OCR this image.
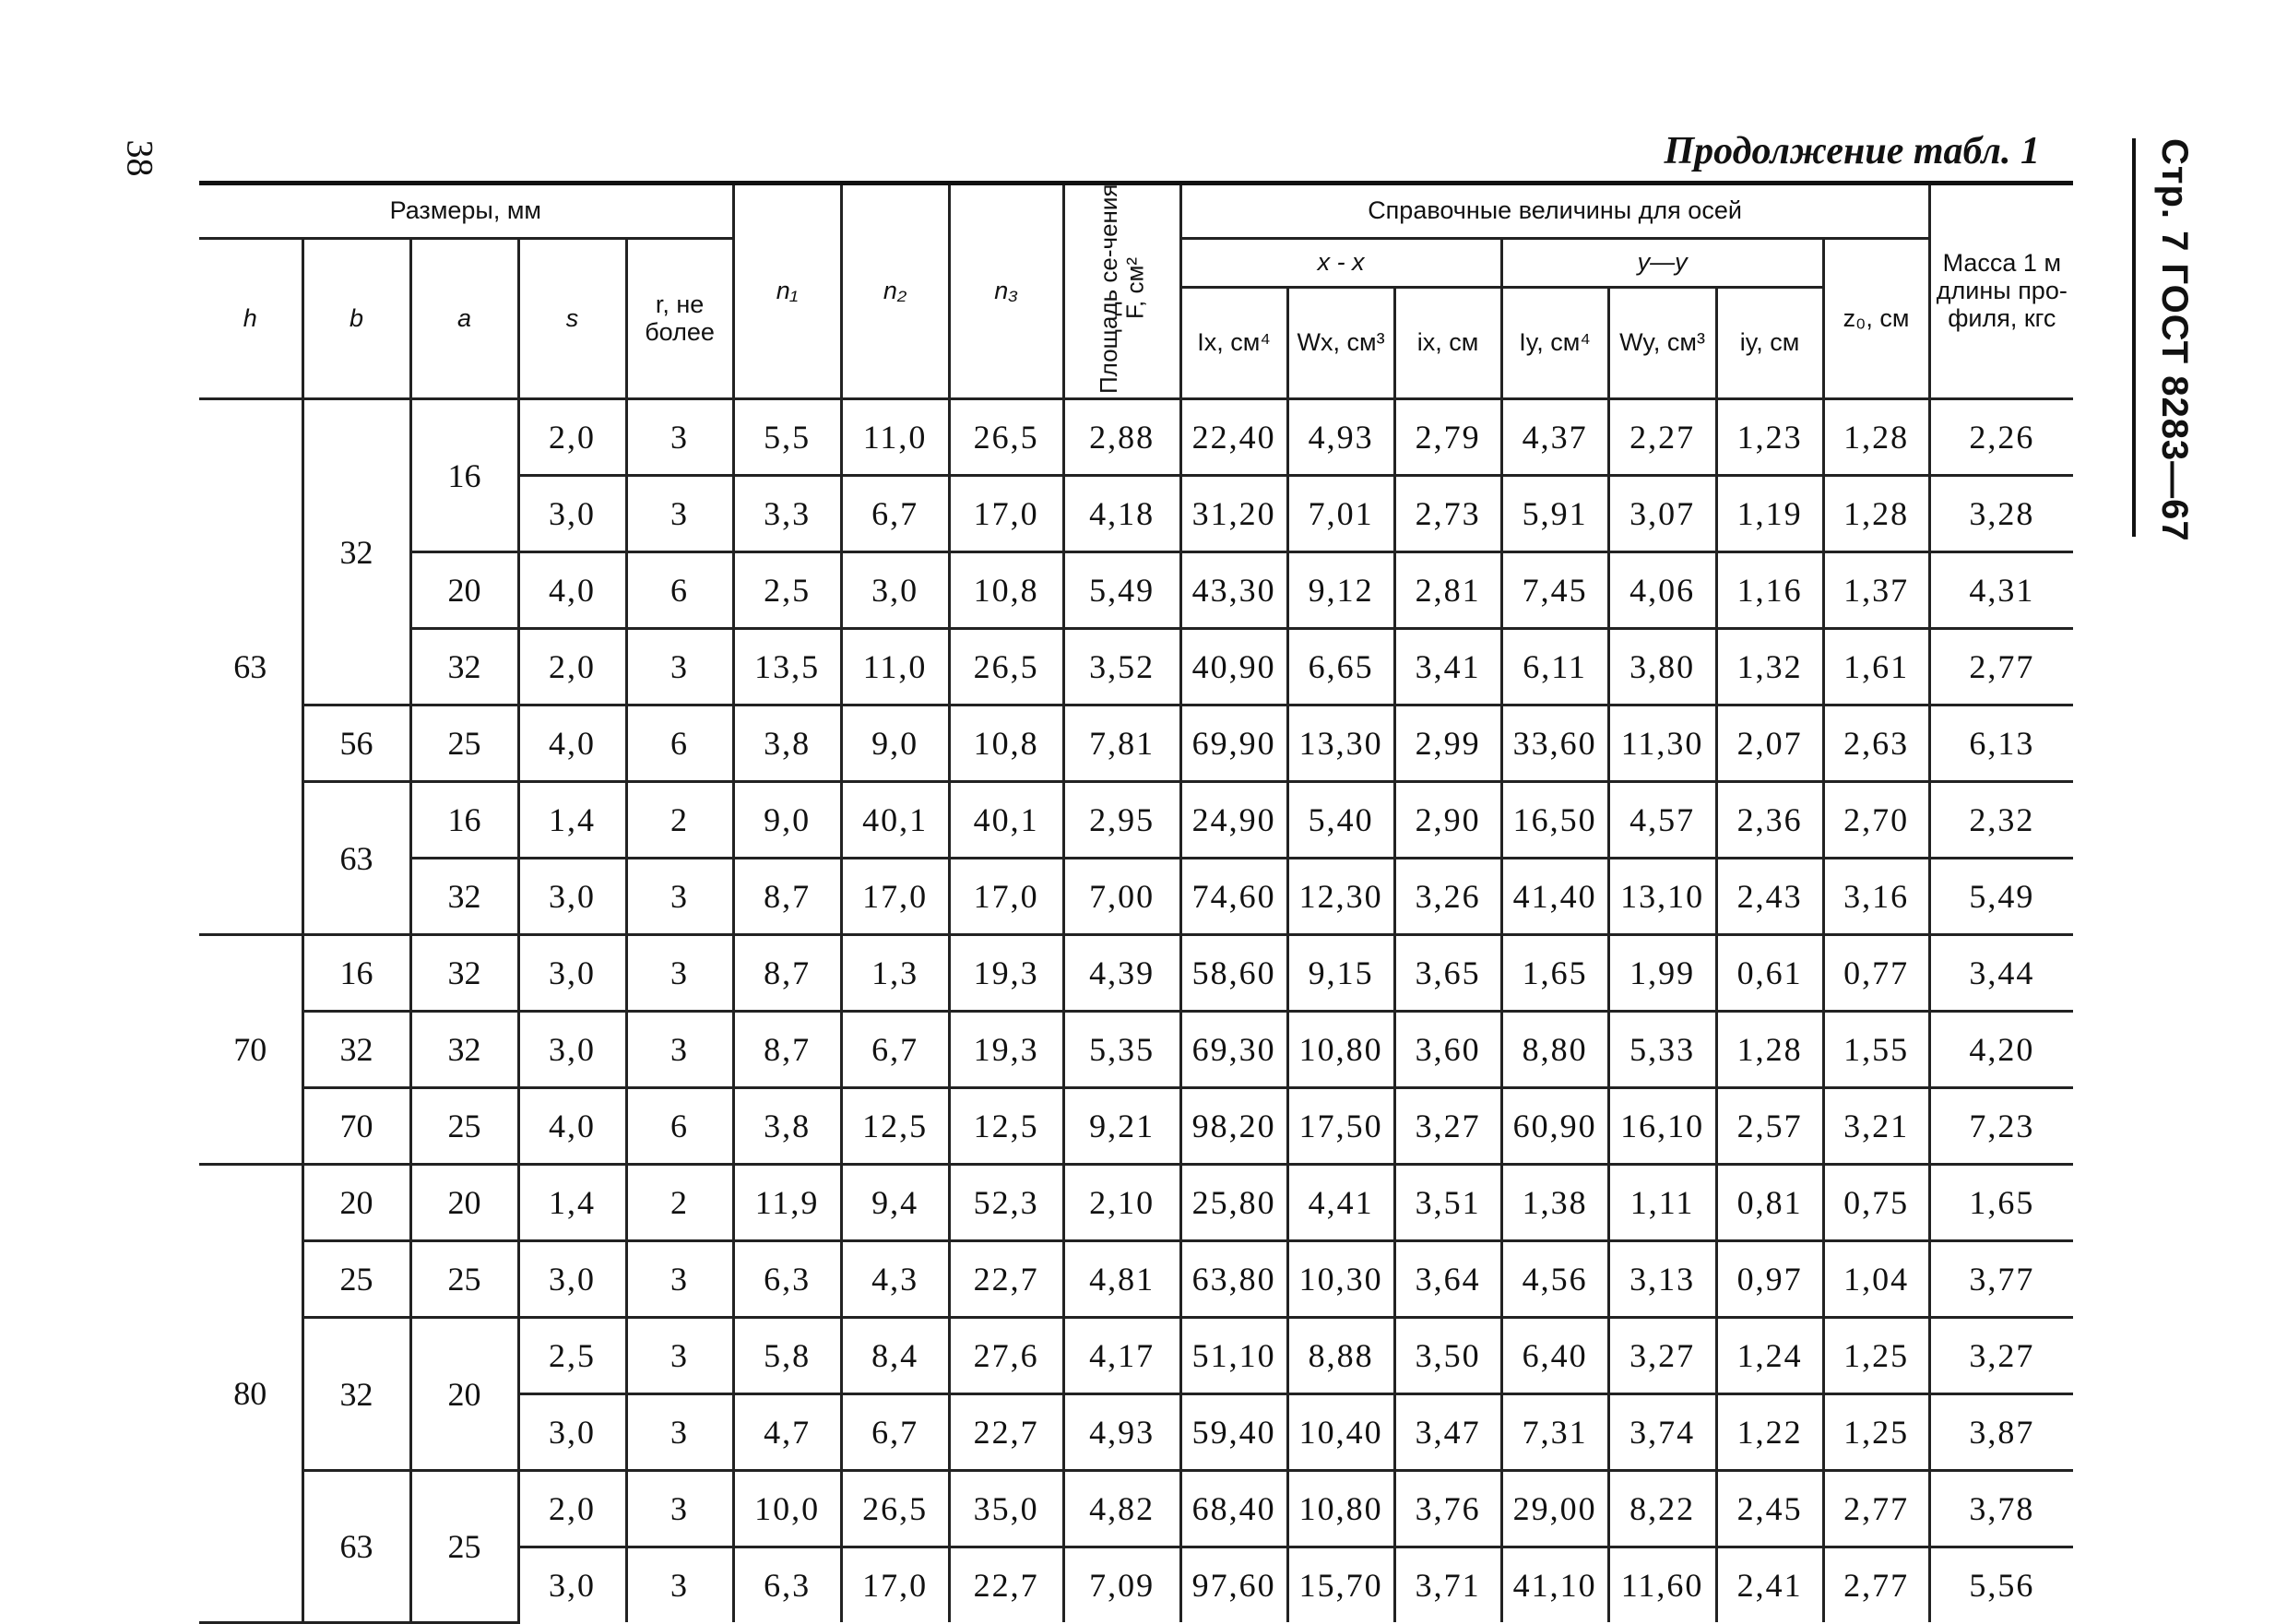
38	Продолжение табл. 1	Стр. 7 ГОСТ 8283—67
Размеры, мм					n₁	n₂	n₃	Площадь се-чения F, см²	Справочные величины для осей							Масса 1 м длины про-филя, кгс
h	b	a	s	r, не более					x - x			y—y			z₀, см	
									Ix, см⁴	Wx, см³	ix, см	Iy, см⁴	Wy, см³	iy, см		
63	32	16	2,0	3	5,5	11,0	26,5	2,88	22,40	4,93	2,79	4,37	2,27	1,23	1,28	2,26
			3,0	3	3,3	6,7	17,0	4,18	31,20	7,01	2,73	5,91	3,07	1,19	1,28	3,28
		20	4,0	6	2,5	3,0	10,8	5,49	43,30	9,12	2,81	7,45	4,06	1,16	1,37	4,31
		32	2,0	3	13,5	11,0	26,5	3,52	40,90	6,65	3,41	6,11	3,80	1,32	1,61	2,77
	56	25	4,0	6	3,8	9,0	10,8	7,81	69,90	13,30	2,99	33,60	11,30	2,07	2,63	6,13
	63	16	1,4	2	9,0	40,1	40,1	2,95	24,90	5,40	2,90	16,50	4,57	2,36	2,70	2,32
		32	3,0	3	8,7	17,0	17,0	7,00	74,60	12,30	3,26	41,40	13,10	2,43	3,16	5,49
70	16	32	3,0	3	8,7	1,3	19,3	4,39	58,60	9,15	3,65	1,65	1,99	0,61	0,77	3,44
	32	32	3,0	3	8,7	6,7	19,3	5,35	69,30	10,80	3,60	8,80	5,33	1,28	1,55	4,20
	70	25	4,0	6	3,8	12,5	12,5	9,21	98,20	17,50	3,27	60,90	16,10	2,57	3,21	7,23
80	20	20	1,4	2	11,9	9,4	52,3	2,10	25,80	4,41	3,51	1,38	1,11	0,81	0,75	1,65
	25	25	3,0	3	6,3	4,3	22,7	4,81	63,80	10,30	3,64	4,56	3,13	0,97	1,04	3,77
	32	20	2,5	3	5,8	8,4	27,6	4,17	51,10	8,88	3,50	6,40	3,27	1,24	1,25	3,27
			3,0	3	4,7	6,7	22,7	4,93	59,40	10,40	3,47	7,31	3,74	1,22	1,25	3,87
	63	25	2,0	3	10,0	26,5	35,0	4,82	68,40	10,80	3,76	29,00	8,22	2,45	2,77	3,78
			3,0	3	6,3	17,0	22,7	7,09	97,60	15,70	3,71	41,10	11,60	2,41	2,77	5,56
